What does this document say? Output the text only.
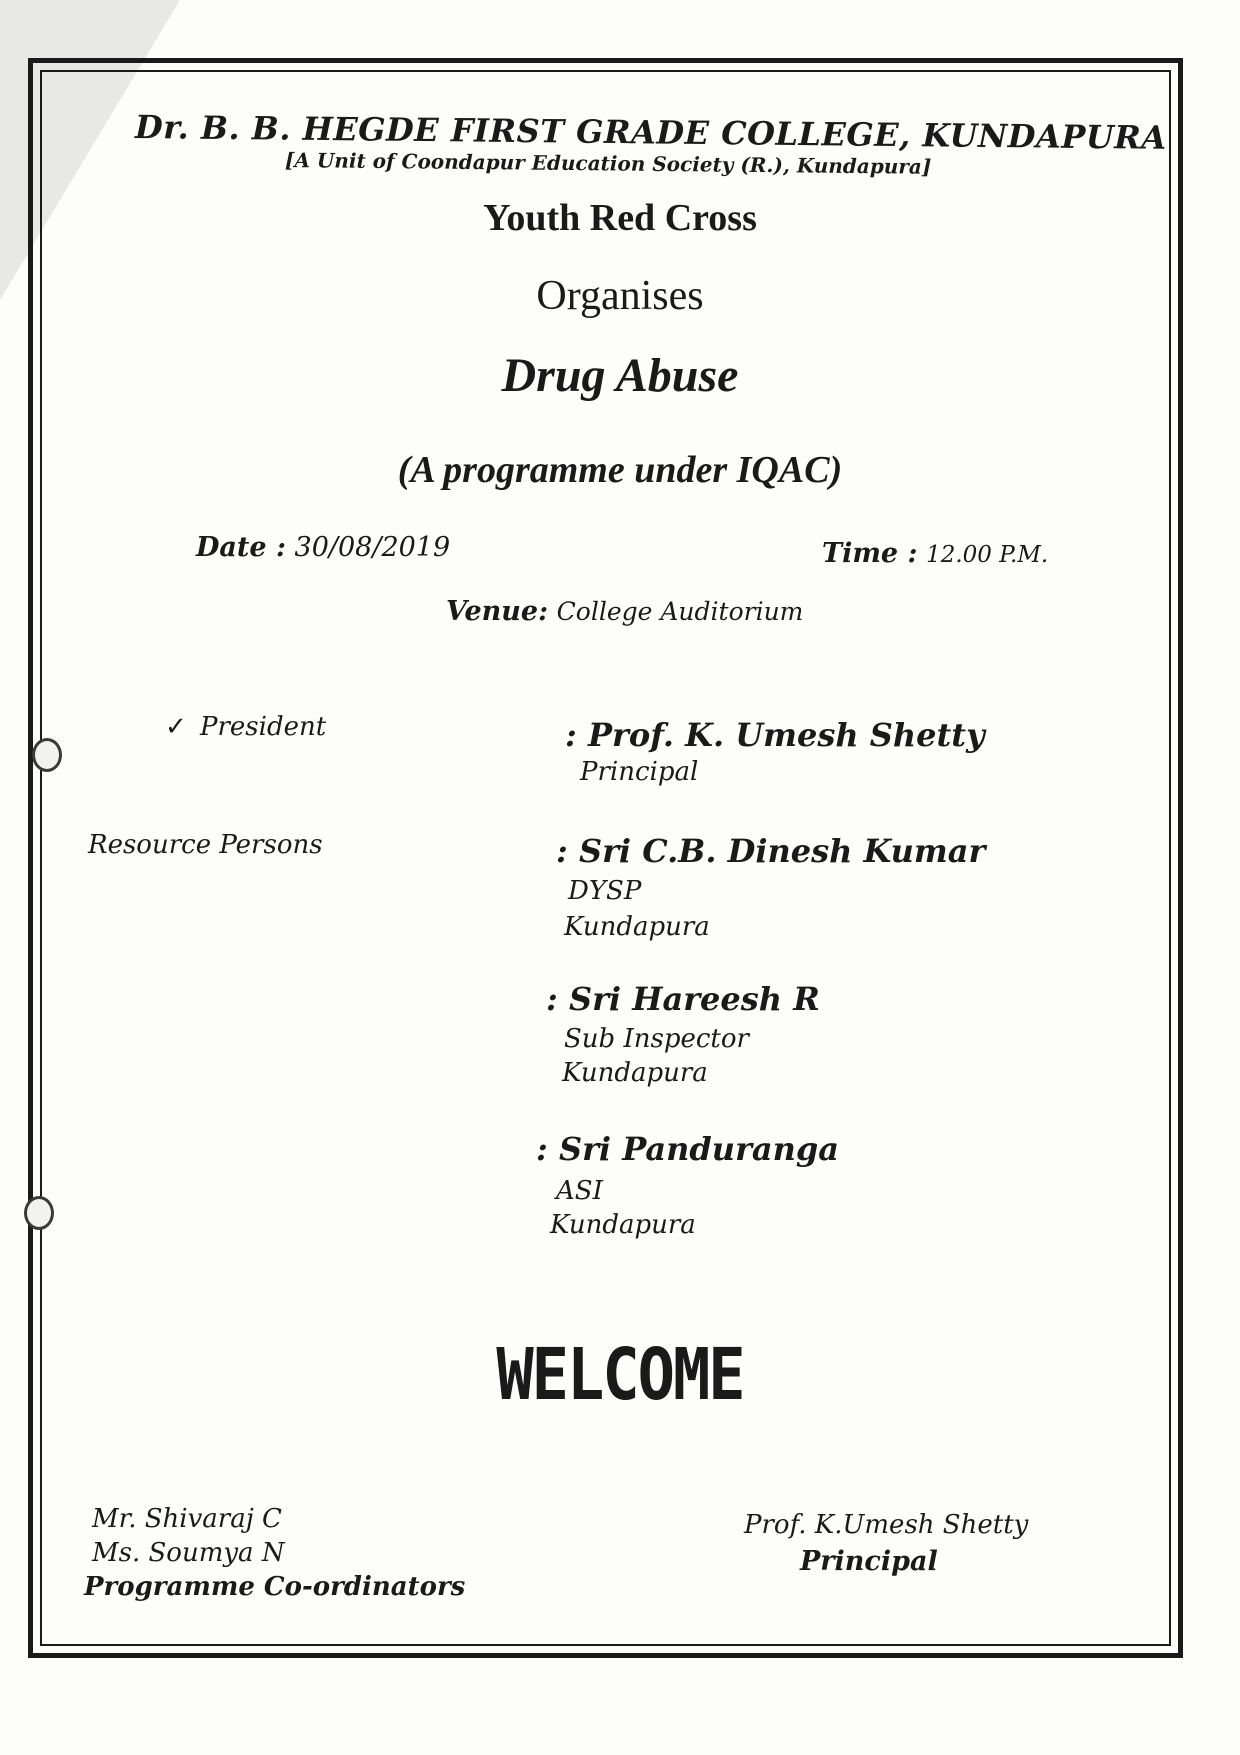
Dr. B. B. HEGDE FIRST GRADE COLLEGE, KUNDAPURA
[A Unit of Coondapur Education Society (R.), Kundapura]
Youth Red Cross
Organises
Drug Abuse
(A programme under IQAC)
Date : 30/08/2019	Time : 12.00 P.M.
Venue: College Auditorium
✓ President	: Prof. K. Umesh Shetty
Principal
Resource Persons	: Sri C.B. Dinesh Kumar
DYSP
Kundapura
: Sri Hareesh R
Sub Inspector
Kundapura
: Sri Panduranga
ASI
Kundapura
WELCOME
Mr. Shivaraj C
Ms. Soumya N
Programme Co-ordinators
Prof. K.Umesh Shetty
Principal
